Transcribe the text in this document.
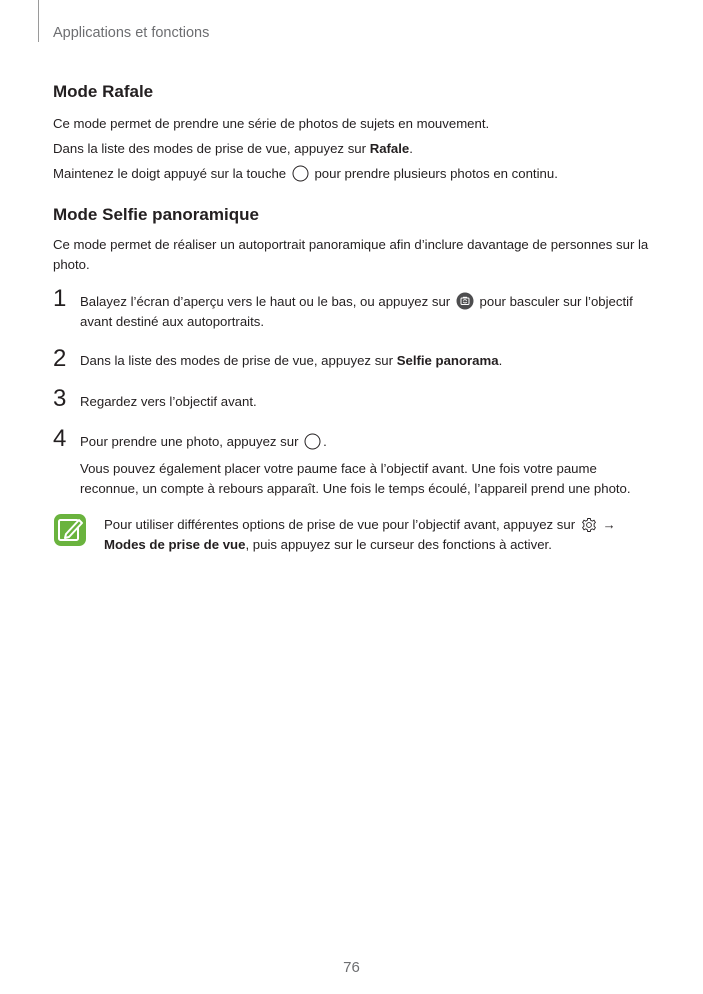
Applications et fonctions
Mode Rafale
Ce mode permet de prendre une série de photos de sujets en mouvement.
Dans la liste des modes de prise de vue, appuyez sur Rafale.
Maintenez le doigt appuyé sur la touche  pour prendre plusieurs photos en continu.
Mode Selfie panoramique
Ce mode permet de réaliser un autoportrait panoramique afin d’inclure davantage de personnes sur la photo.
1 Balayez l’écran d’aperçu vers le haut ou le bas, ou appuyez sur  pour basculer sur l’objectif avant destiné aux autoportraits.
2 Dans la liste des modes de prise de vue, appuyez sur Selfie panorama.
3 Regardez vers l’objectif avant.
4 Pour prendre une photo, appuyez sur .
Vous pouvez également placer votre paume face à l’objectif avant. Une fois votre paume reconnue, un compte à rebours apparaît. Une fois le temps écoulé, l’appareil prend une photo.
Pour utiliser différentes options de prise de vue pour l’objectif avant, appuyez sur  →
Modes de prise de vue, puis appuyez sur le curseur des fonctions à activer.
76
